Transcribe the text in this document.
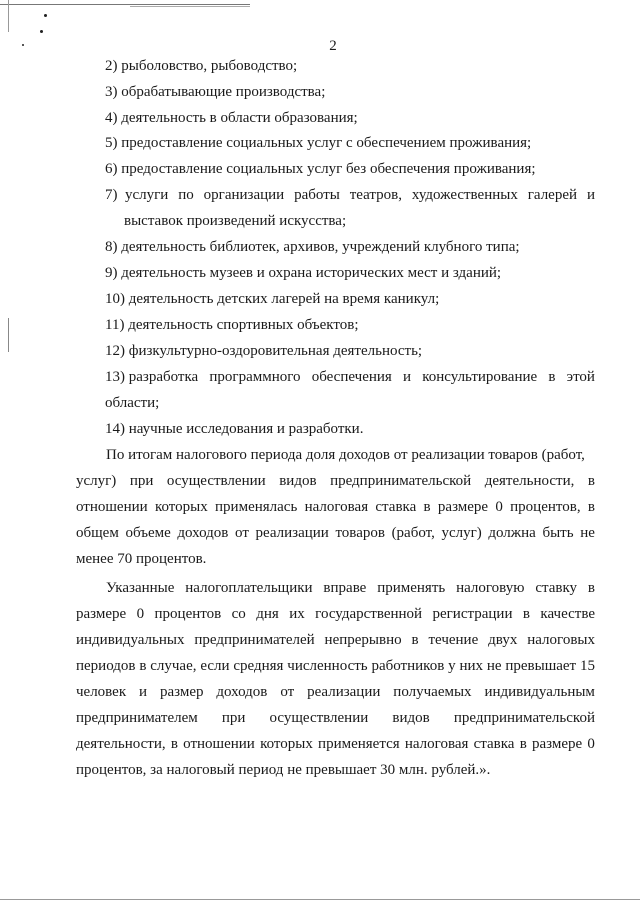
2
2) рыболовство, рыбоводство;
3) обрабатывающие производства;
4) деятельность в области образования;
5) предоставление социальных услуг с обеспечением проживания;
6) предоставление социальных услуг без обеспечения проживания;
7)  услуги по организации работы театров, художественных галерей и
выставок произведений искусства;
8) деятельность библиотек, архивов, учреждений клубного типа;
9) деятельность музеев и охрана исторических мест и зданий;
10) деятельность детских лагерей на время каникул;
11) деятельность спортивных объектов;
12) физкультурно-оздоровительная деятельность;
13) разработка программного обеспечения и консультирование в этой
области;
14) научные исследования и разработки.
По итогам налогового периода доля доходов от реализации товаров (работ,
услуг) при осуществлении видов предпринимательской деятельности, в
отношении которых применялась налоговая ставка в размере 0 процентов, в
общем объеме доходов от реализации товаров (работ, услуг) должна быть не
менее 70 процентов.
Указанные налогоплательщики вправе применять налоговую ставку в
размере 0 процентов со дня их государственной регистрации в качестве
индивидуальных предпринимателей непрерывно в течение двух налоговых
периодов в случае, если средняя численность работников у них не превышает 15
человек и размер доходов от реализации получаемых индивидуальным
предпринимателем при осуществлении видов предпринимательской
деятельности, в отношении которых применяется налоговая ставка в размере 0
процентов, за налоговый период не превышает 30 млн. рублей.».
